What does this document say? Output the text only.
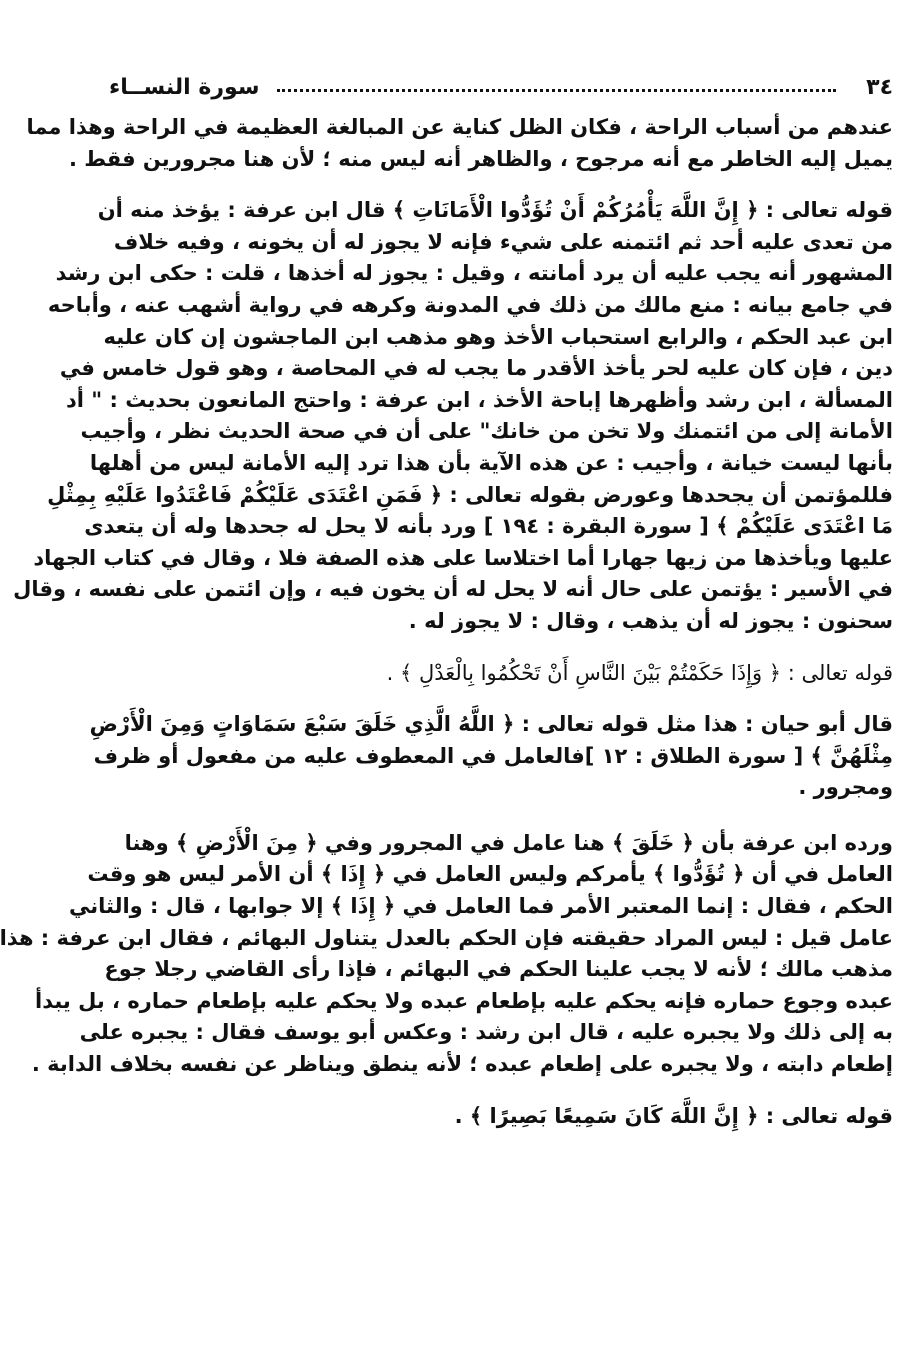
٣٤
سورة النســاء

عندهم من أسباب الراحة ، فكان الظل كناية عن المبالغة العظيمة في الراحة وهذا مما
يميل إليه الخاطر مع أنه مرجوح ، والظاهر أنه ليس منه ؛ لأن هنا مجرورين فقط .

قوله تعالى : ﴿ إِنَّ اللَّهَ يَأْمُرُكُمْ أَنْ تُؤَدُّوا الْأَمَانَاتِ ﴾ قال ابن عرفة : يؤخذ منه أن
من تعدى عليه أحد ثم ائتمنه على شيء فإنه لا يجوز له أن يخونه ، وفيه خلاف
المشهور أنه يجب عليه أن يرد أمانته ، وقيل : يجوز له أخذها ، قلت : حكى ابن رشد
في جامع بيانه : منع مالك من ذلك في المدونة وكرهه في رواية أشهب عنه ، وأباحه
ابن عبد الحكم ، والرابع استحباب الأخذ وهو مذهب ابن الماجشون إن كان عليه
دين ، فإن كان عليه لحر يأخذ الأقدر ما يجب له في المحاصة ، وهو قول خامس في
المسألة ، ابن رشد وأظهرها إباحة الأخذ ، ابن عرفة : واحتج المانعون بحديث : " أد
الأمانة إلى من ائتمنك ولا تخن من خانك" على أن في صحة الحديث نظر ، وأجيب
بأنها ليست خيانة ، وأجيب : عن هذه الآية بأن هذا ترد إليه الأمانة ليس من أهلها
فللمؤتمن أن يجحدها وعورض بقوله تعالى : ﴿ فَمَنِ اعْتَدَى عَلَيْكُمْ فَاعْتَدُوا عَلَيْهِ بِمِثْلِ
مَا اعْتَدَى عَلَيْكُمْ ﴾ [ سورة البقرة : ١٩٤ ] ورد بأنه لا يحل له جحدها وله أن يتعدى
عليها ويأخذها من زيها جهارا أما اختلاسا على هذه الصفة فلا ، وقال في كتاب الجهاد
في الأسير : يؤتمن على حال أنه لا يحل له أن يخون فيه ، وإن ائتمن على نفسه ، وقال
سحنون : يجوز له أن يذهب ، وقال : لا يجوز له .

قوله تعالى : ﴿ وَإِذَا حَكَمْتُمْ بَيْنَ النَّاسِ أَنْ تَحْكُمُوا بِالْعَدْلِ ﴾ .

قال أبو حيان : هذا مثل قوله تعالى : ﴿ اللَّهُ الَّذِي خَلَقَ سَبْعَ سَمَاوَاتٍ وَمِنَ الْأَرْضِ
مِثْلَهُنَّ ﴾ [ سورة الطلاق : ١٢ ]فالعامل في المعطوف عليه من مفعول أو ظرف
ومجرور .

ورده ابن عرفة بأن ﴿ خَلَقَ ﴾ هنا عامل في المجرور وفي ﴿ مِنَ الْأَرْضِ ﴾ وهنا
العامل في أن ﴿ تُؤَدُّوا ﴾ يأمركم وليس العامل في ﴿ إِذَا ﴾ أن الأمر ليس هو وقت
الحكم ، فقال : إنما المعتبر الأمر فما العامل في ﴿ إِذَا ﴾ إلا جوابها ، قال : والثاني
عامل قيل : ليس المراد حقيقته فإن الحكم بالعدل يتناول البهائم ، فقال ابن عرفة : هذا
مذهب مالك ؛ لأنه لا يجب علينا الحكم في البهائم ، فإذا رأى القاضي رجلا جوع
عبده وجوع حماره فإنه يحكم عليه بإطعام عبده ولا يحكم عليه بإطعام حماره ، بل يبدأ
به إلى ذلك ولا يجبره عليه ، قال ابن رشد : وعكس أبو يوسف فقال : يجبره على
إطعام دابته ، ولا يجبره على إطعام عبده ؛ لأنه ينطق ويناظر عن نفسه بخلاف الدابة .

قوله تعالى : ﴿ إِنَّ اللَّهَ كَانَ سَمِيعًا بَصِيرًا ﴾ .
